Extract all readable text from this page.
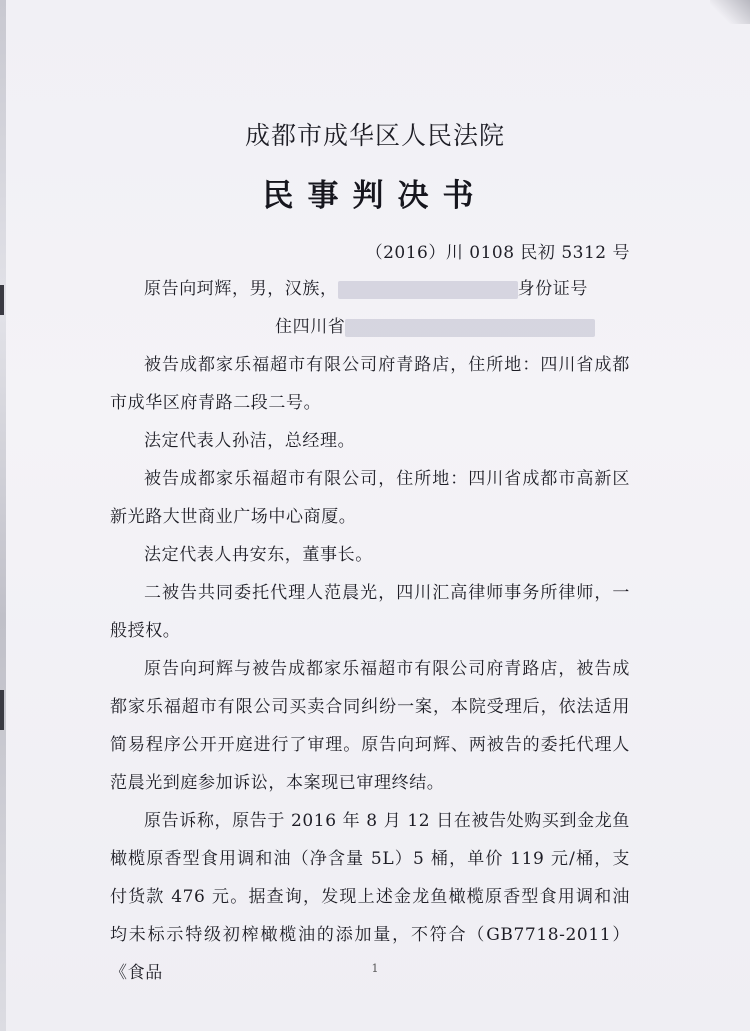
成都市成华区人民法院
民事判决书
（2016）川 0108 民初 5312 号

原告向珂辉，男，汉族，	身份证号

住四川省

被告成都家乐福超市有限公司府青路店，住所地：四川省成都市成华区府青路二段二号。

法定代表人孙洁，总经理。

被告成都家乐福超市有限公司，住所地：四川省成都市高新区新光路大世商业广场中心商厦。

法定代表人冉安东，董事长。

二被告共同委托代理人范晨光，四川汇高律师事务所律师，一般授权。

原告向珂辉与被告成都家乐福超市有限公司府青路店，被告成都家乐福超市有限公司买卖合同纠纷一案，本院受理后，依法适用简易程序公开开庭进行了审理。原告向珂辉、两被告的委托代理人范晨光到庭参加诉讼，本案现已审理终结。

原告诉称，原告于 2016 年 8 月 12 日在被告处购买到金龙鱼橄榄原香型食用调和油（净含量 5L）5 桶，单价 119 元/桶，支付货款 476 元。据查询，发现上述金龙鱼橄榄原香型食用调和油均未标示特级初榨橄榄油的添加量，不符合（GB7718-2011）《食品	1
